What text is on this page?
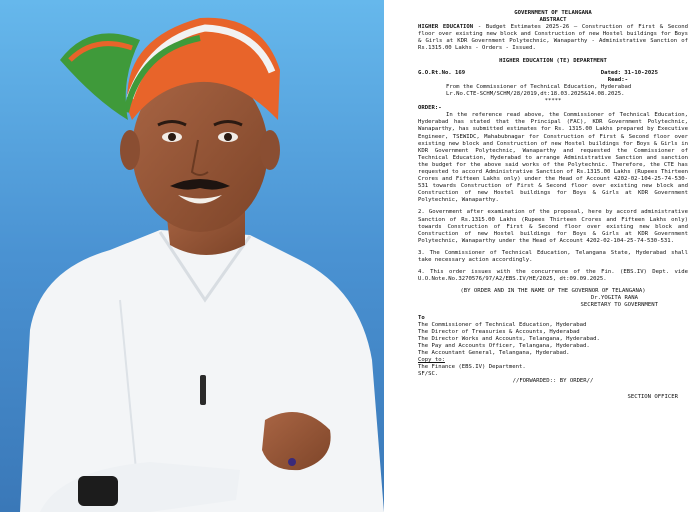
GOVERNMENT OF TELANGANA

ABSTRACT

HIGHER EDUCATION - Budget Estimates 2025-26 – Construction of First & Second floor over existing new block and Construction of new Hostel buildings for Boys & Girls at KDR Government Polytechnic, Wanaparthy - Administrative Sanction of Rs.1315.00 Lakhs - Orders - Issued.

HIGHER EDUCATION (TE) DEPARTMENT

G.O.Rt.No. 169	Dated: 31-10-2025

Read:-

From the Commissioner of Technical Education, Hyderabad

Lr.No.CTE-SCHM/SCHM/28/2019,dt:18.03.2025&14.08.2025.

*****

ORDER:-

In the reference read above, the Commissioner of Technical Education, Hyderabad has stated that the Principal (FAC), KDR Government Polytechnic, Wanaparthy, has submitted estimates for Rs. 1315.00 Lakhs prepared by Executive Engineer, TSEWIDC, Mahabubnagar for Construction of First & Second floor over existing new block and Construction of new Hostel buildings for Boys & Girls in KDR Government Polytechnic, Wanaparthy and requested the Commissioner of Technical Education, Hyderabad to arrange Administrative Sanction and sanction the budget for the above said works of the Polytechnic. Therefore, the CTE has requested to accord Administrative Sanction of Rs.1315.00 Lakhs (Rupees Thirteen Crores and Fifteen Lakhs only) under the Head of Account 4202-02-104-25-74-530-531 towards Construction of First & Second floor over existing new block and Construction of new Hostel buildings for Boys & Girls at KDR Government Polytechnic, Wanaparthy.

2. Government after examination of the proposal, here by accord administrative Sanction of Rs.1315.00 Lakhs (Rupees Thirteen Crores and Fifteen Lakhs only) towards Construction of First & Second floor over existing new block and Construction of new Hostel buildings for Boys & Girls at KDR Government Polytechnic, Wanaparthy under the Head of Account 4202-02-104-25-74-530-531.

3. The Commissioner of Technical Education, Telangana State, Hyderabad shall take necessary action accordingly.

4. This order issues with the concurrence of the Fin. (EBS.IV) Dept. vide U.O.Note.No.3270576/97/A2/EBS.IV/HE/2025, dt:09.09.2025.

(BY ORDER AND IN THE NAME OF THE GOVERNOR OF TELANGANA)

Dr.YOGITA RANA

SECRETARY TO GOVERNMENT

To

The Commissioner of Technical Education, Hyderabad

The Director of Treasuries & Accounts, Hyderabad

The Director Works and Accounts, Telangana, Hyderabad.

The Pay and Accounts Officer, Telangana, Hyderabad.

The Accountant General, Telangana, Hyderabad.

Copy to:

The Finance (EBS.IV) Department.

SF/SC.

//FORWARDED:: BY ORDER//

SECTION OFFICER
